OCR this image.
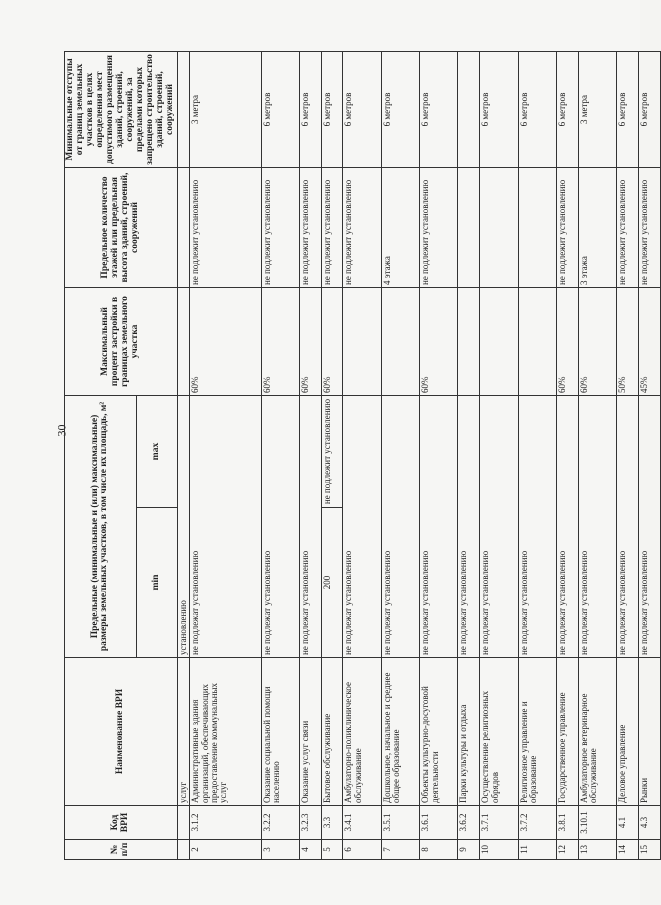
30
№ п/п	Код ВРИ	Наименование ВРИ	Предельные (минимальные и (или) максимальные) размеры земельных участков, в том числе их площадь, м²		Максимальный процент застройки в границах земельного участка	Предельное количество этажей или предельная высота зданий, строений, сооружений	Минимальные отступы от границ земельных участков в целях определения мест допустимого размещения зданий, строений, сооружений, за пределами которых запрещено строительство зданий, строений, сооружений
			min	max			
		услуг	установлению				
2	3.1.2	Административные здания организаций, обеспечивающих предоставление коммунальных услуг	не подлежат установлению		60%	не подлежит установлению	3 метра
3	3.2.2	Оказание социальной помощи населению	не подлежат установлению		60%	не подлежит установлению	6 метров
4	3.2.3	Оказание услуг связи	не подлежат установлению		60%	не подлежит установлению	6 метров
5	3.3	Бытовое обслуживание	200	не подлежит установлению	60%	не подлежит установлению	6 метров
6	3.4.1	Амбулаторно-поликлиническое обслуживание	не подлежат установлению			не подлежит установлению	6 метров
7	3.5.1	Дошкольное, начальное и среднее общее образование	не подлежат установлению			4 этажа	6 метров
8	3.6.1	Объекты культурно-досуговой деятельности	не подлежат установлению		60%	не подлежит установлению	6 метров
9	3.6.2	Парки культуры и отдыха	не подлежат установлению				
10	3.7.1	Осуществление религиозных обрядов	не подлежат установлению				6 метров
11	3.7.2	Религиозное управление и образование	не подлежат установлению				6 метров
12	3.8.1	Государственное управление	не подлежат установлению		60%	не подлежит установлению	6 метров
13	3.10.1	Амбулаторное ветеринарное обслуживание	не подлежат установлению		60%	3 этажа	3 метра
14	4.1	Деловое управление	не подлежат установлению		50%	не подлежит установлению	6 метров
15	4.3	Рынки	не подлежат установлению		45%	не подлежит установлению	6 метров
